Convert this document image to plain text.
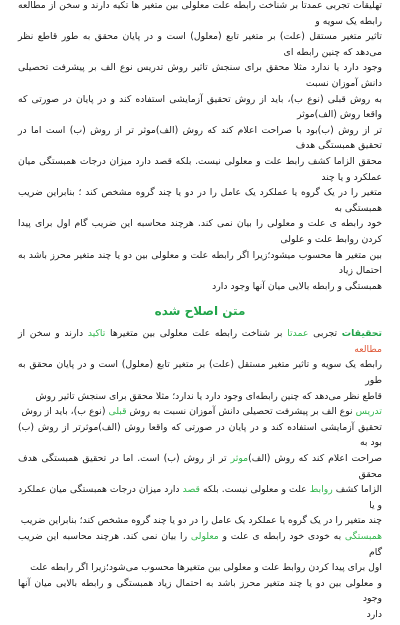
تهلیقات تجربی عمدتا بر شناخت رابطه علت معلولی بین متغیر ها تکیه دارند و سخن از مطالعه رابطه یک سویه و
تاثیر متغیر مستقل (علت) بر متغیر تابع (معلول) است و در پایان محقق به طور قاطع نظر می‌دهد که چنین رابطه ای
وجود دارد یا ندارد مثلا محقق برای سنجش تاثیر روش تدریس نوع الف بر پیشرفت تحصیلی دانش آموزان نسبت
به روش قبلی (نوع ب)، باید از روش تحقیق آزمایشی استفاده کند و در پایان در صورتی که واقعا روش (الف)موثر
تر از روش (ب)بود با صراحت اعلام کند که روش (الف)موثر تر از روش (ب) است اما در تحقیق همبستگی هدف
محقق الزاما کشف رابط علت و معلولی نیست. بلکه قصد دارد میزان درجات همبستگی میان عملکرد و یا چند
متغیر را در یک گروه یا عملکرد یک عامل را در دو یا چند گروه مشخص کند ؛ بنابراین ضریب همبستگی به
خود رابطه ی علت و معلولی را بیان نمی کند. هرچند محاسبه این ضریب گام اول برای پیدا کردن روابط علت و علولی
بین متغیر ها محسوب میشود؛زیرا اگر رابطه علت و معلولی بین دو یا چند متغیر محرز باشد به احتمال زیاد
همبستگی و رابطه بالایی میان آنها وجود دارد
متن اصلاح شده
تحقیقات تجربی عمدتا بر شناخت رابطه علت معلولی بین متغیرها تاکید دارند و سخن از مطالعه
رابطه یک سویه و تاثیر متغیر مستقل (علت) بر متغیر تابع (معلول) است و در پایان محقق به طور
قاطع نظر می‌دهد که چنین رابطه‌ای وجود دارد یا ندارد؛ مثلا محقق برای سنجش تاثیر روش
تدریس نوع الف بر پیشرفت تحصیلی دانش آموزان نسبت به روش قبلی (نوع ب)، باید از روش
تحقیق آزمایشی استفاده کند و در پایان در صورتی که واقعا روش (الف)موثرتر از روش (ب) بود به
صراحت اعلام کند که روش (الف)موثر تر از روش (ب) است. اما در تحقیق همبستگی هدف محقق
الزاما کشف روابط علت و معلولی نیست. بلکه قصد دارد میزان درجات همبستگی میان عملکرد و یا
چند متغیر را در یک گروه یا عملکرد یک عامل را در دو یا چند گروه مشخص کند؛ بنابراین ضریب
همبستگی به خودی خود رابطه ی علت و معلولی را بیان نمی کند. هرچند محاسبه این ضریب گام
اول برای پیدا کردن روابط علت و معلولی بین متغیرها محسوب می‌شود؛زیرا اگر رابطه علت
و معلولی بین دو یا چند متغیر محرز باشد به احتمال زیاد همبستگی و رابطه بالایی میان آنها وجود
دارد
